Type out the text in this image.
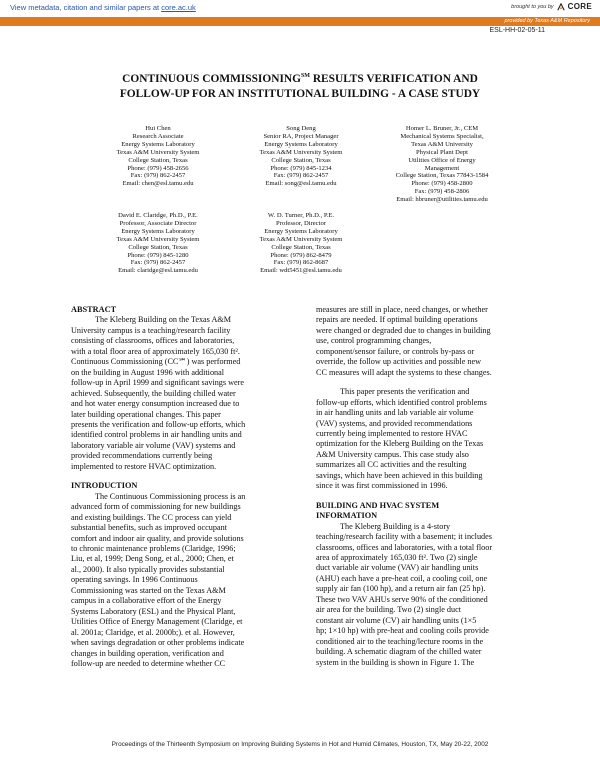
View metadata, citation and similar papers at core.ac.uk	brought to you by CORE
provided by Texas A&M Repository
ESL-HH-02-05-11
CONTINUOUS COMMISSIONING℠ RESULTS VERIFICATION AND
FOLLOW-UP FOR AN INSTITUTIONAL BUILDING - A CASE STUDY
Hui Chen
Research Associate
Energy Systems Laboratory
Texas A&M University System
College Station, Texas
Phone: (979) 458-2656
Fax: (979) 862-2457
Email: chen@esl.tamu.edu
Song Deng
Senior RA, Project Manager
Energy Systems Laboratory
Texas A&M University System
College Station, Texas
Phone: (979) 845-1234
Fax: (979) 862-2457
Email: song@esl.tamu.edu
Homer L. Bruner, Jr., CEM
Mechanical Systems Specialist,
Texas A&M University
Physical Plant Dept
Utilities Office of Energy
Management
College Station, Texas 77843-1584
Phone: (979) 458-2800
Fax: (979) 458-2806
Email: hbruner@utilities.tamu.edu
David E. Claridge, Ph.D., P.E.
Professor, Associate Director
Energy Systems Laboratory
Texas A&M University System
College Station, Texas
Phone: (979) 845-1280
Fax: (979) 862-2457
Email: claridge@esl.tamu.edu
W. D. Turner, Ph.D., P.E.
Professor, Director
Energy Systems Laboratory
Texas A&M University System
College Station, Texas
Phone: (979) 862-8479
Fax: (979) 862-8687
Email: wdt5451@esl.tamu.edu

ABSTRACT

The Kleberg Building on the Texas A&M
University campus is a teaching/research facility
consisting of classrooms, offices and laboratories,
with a total floor area of approximately 165,030 ft².
Continuous Commissioning (CC℠) was performed
on the building in August 1996 with additional
follow-up in April 1999 and significant savings were
achieved. Subsequently, the building chilled water
and hot water energy consumption increased due to
later building operational changes. This paper
presents the verification and follow-up efforts, which
identified control problems in air handling units and
laboratory variable air volume (VAV) systems and
provided recommendations currently being
implemented to restore HVAC optimization.

INTRODUCTION

The Continuous Commissioning process is an
advanced form of commissioning for new buildings
and existing buildings. The CC process can yield
substantial benefits, such as improved occupant
comfort and indoor air quality, and provide solutions
to chronic maintenance problems (Claridge, 1996;
Liu, et al, 1999; Deng Song, et al., 2000; Chen, et
al., 2000). It also typically provides substantial
operating savings. In 1996 Continuous
Commissioning was started on the Texas A&M
campus in a collaborative effort of the Energy
Systems Laboratory (ESL) and the Physical Plant,
Utilities Office of Energy Management (Claridge, et
al. 2001a; Claridge, et al. 2000b;). et al. However,
when savings degradation or other problems indicate
changes in building operation, verification and
follow-up are needed to determine whether CC
measures are still in place, need changes, or whether
repairs are needed. If optimal building operations
were changed or degraded due to changes in building
use, control programming changes,
component/sensor failure, or controls by-pass or
override, the follow up activities and possible new
CC measures will adapt the systems to these changes.
This paper presents the verification and
follow-up efforts, which identified control problems
in air handling units and lab variable air volume
(VAV) systems, and provided recommendations
currently being implemented to restore HVAC
optimization for the Kleberg Building on the Texas
A&M University campus. This case study also
summarizes all CC activities and the resulting
savings, which have been achieved in this building
since it was first commissioned in 1996.

BUILDING AND HVAC SYSTEM

INFORMATION

The Kleberg Building is a 4-story
teaching/research facility with a basement; it includes
classrooms, offices and laboratories, with a total floor
area of approximately 165,030 ft². Two (2) single
duct variable air volume (VAV) air handling units
(AHU) each have a pre-heat coil, a cooling coil, one
supply air fan (100 hp), and a return air fan (25 hp).
These two VAV AHUs serve 90% of the conditioned
air area for the building. Two (2) single duct
constant air volume (CV) air handling units (1×5
hp; 1×10 hp) with pre-heat and cooling coils provide
conditioned air to the teaching/lecture rooms in the
building. A schematic diagram of the chilled water
system in the building is shown in Figure 1. The
Proceedings of the Thirteenth Symposium on Improving Building Systems in Hot and Humid Climates, Houston, TX, May 20-22, 2002
